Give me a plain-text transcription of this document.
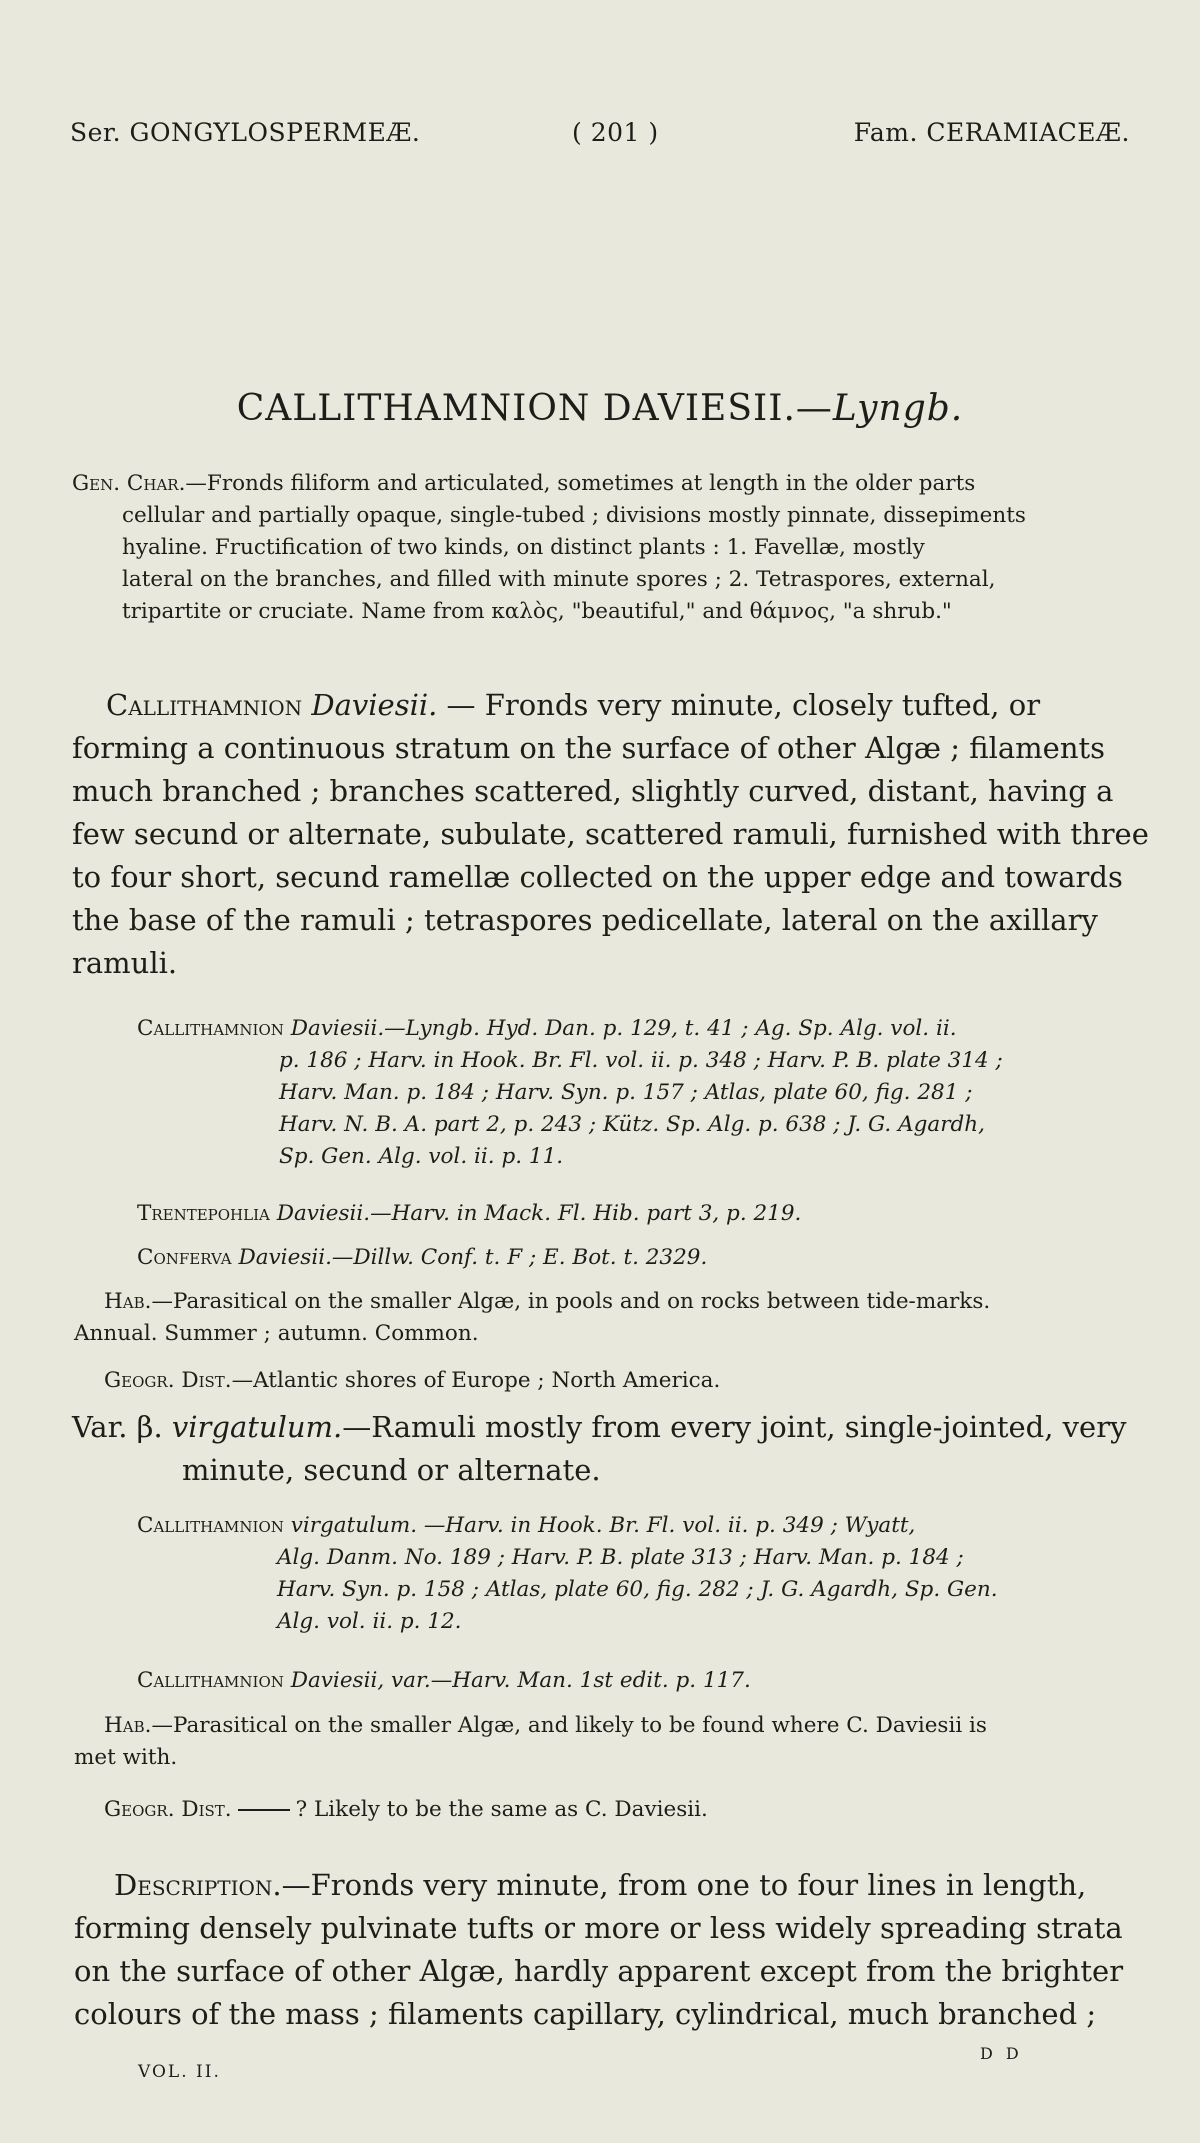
Ser. GONGYLOSPERMEÆ.	( 201 )	Fam. CERAMIACEÆ.
CALLITHAMNION DAVIESII.—Lyngb.
Gen. Char.—Fronds filiform and articulated, sometimes at length in the older parts
cellular and partially opaque, single-tubed ; divisions mostly pinnate, dissepiments
hyaline. Fructification of two kinds, on distinct plants : 1. Favellæ, mostly
lateral on the branches, and filled with minute spores ; 2. Tetraspores, external,
tripartite or cruciate. Name from καλὸς, "beautiful," and θάμνος, "a shrub."
Callithamnion Daviesii. — Fronds very minute, closely tufted, or
forming a continuous stratum on the surface of other Algæ ; filaments
much branched ; branches scattered, slightly curved, distant, having a
few secund or alternate, subulate, scattered ramuli, furnished with three
to four short, secund ramellæ collected on the upper edge and towards
the base of the ramuli ; tetraspores pedicellate, lateral on the axillary
ramuli.
Callithamnion Daviesii.—Lyngb. Hyd. Dan. p. 129, t. 41 ; Ag. Sp. Alg. vol. ii.
p. 186 ; Harv. in Hook. Br. Fl. vol. ii. p. 348 ; Harv. P. B. plate 314 ;
Harv. Man. p. 184 ; Harv. Syn. p. 157 ; Atlas, plate 60, fig. 281 ;
Harv. N. B. A. part 2, p. 243 ; Kütz. Sp. Alg. p. 638 ; J. G. Agardh,
Sp. Gen. Alg. vol. ii. p. 11.
Trentepohlia Daviesii.—Harv. in Mack. Fl. Hib. part 3, p. 219.
Conferva Daviesii.—Dillw. Conf. t. F ; E. Bot. t. 2329.
Hab.—Parasitical on the smaller Algæ, in pools and on rocks between tide-marks.
Annual. Summer ; autumn. Common.
Geogr. Dist.—Atlantic shores of Europe ; North America.
Var. β. virgatulum.—Ramuli mostly from every joint, single-jointed, very
minute, secund or alternate.
Callithamnion virgatulum. —Harv. in Hook. Br. Fl. vol. ii. p. 349 ; Wyatt,
Alg. Danm. No. 189 ; Harv. P. B. plate 313 ; Harv. Man. p. 184 ;
Harv. Syn. p. 158 ; Atlas, plate 60, fig. 282 ; J. G. Agardh, Sp. Gen.
Alg. vol. ii. p. 12.
Callithamnion Daviesii, var.—Harv. Man. 1st edit. p. 117.
Hab.—Parasitical on the smaller Algæ, and likely to be found where C. Daviesii is
met with.
Geogr. Dist.	? Likely to be the same as C. Daviesii.
Description.—Fronds very minute, from one to four lines in length,
forming densely pulvinate tufts or more or less widely spreading strata
on the surface of other Algæ, hardly apparent except from the brighter
colours of the mass ; filaments capillary, cylindrical, much branched ;
VOL. II.
D D
